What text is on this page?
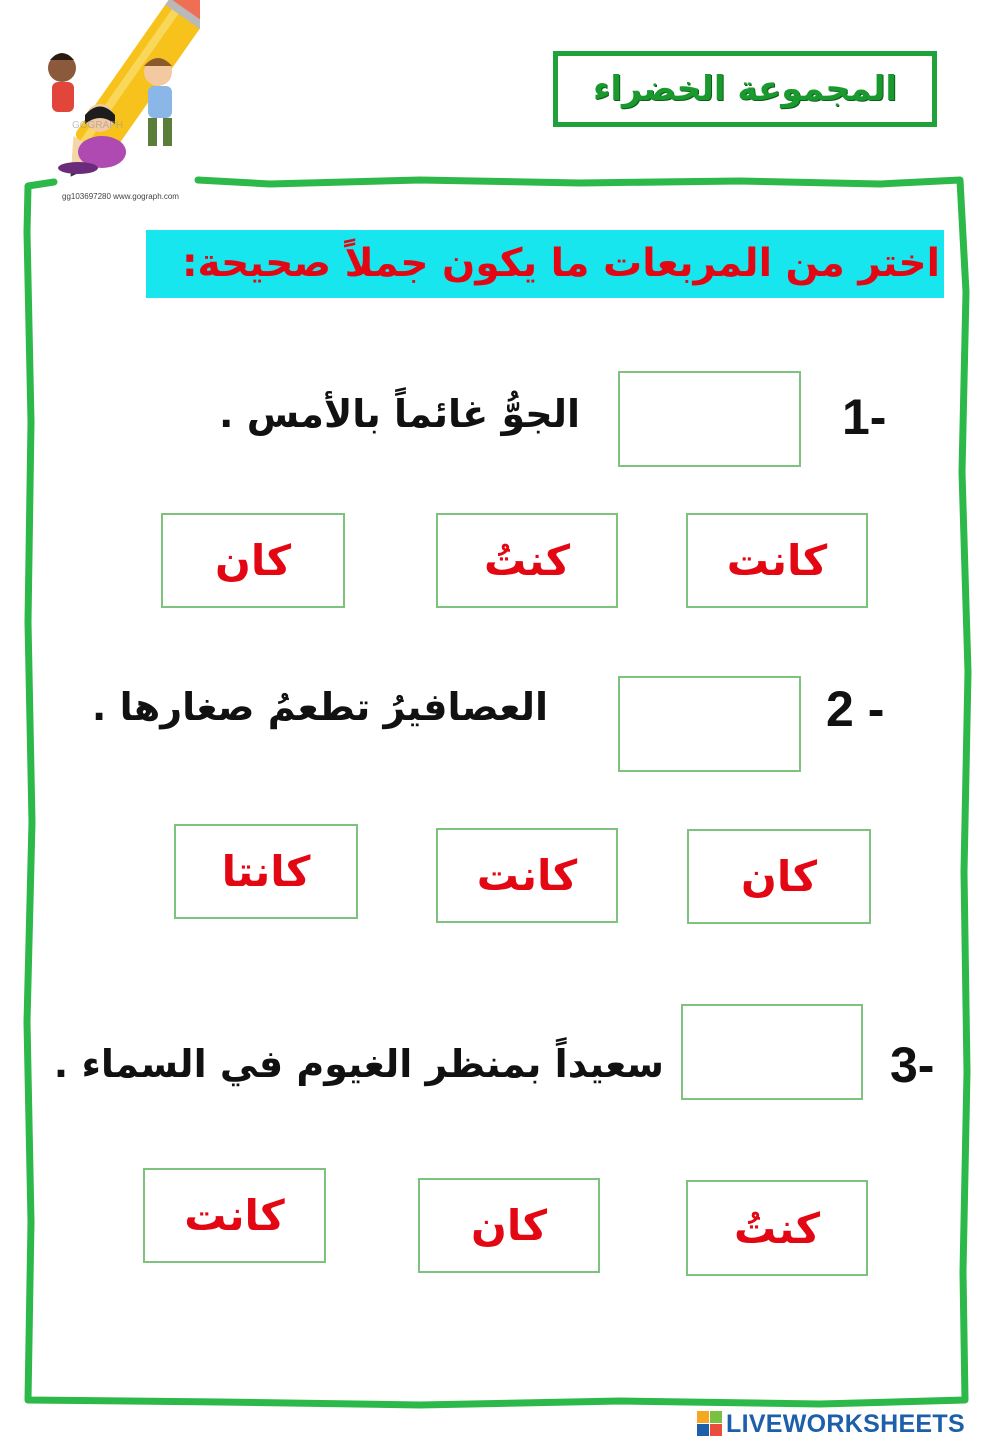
GOGRAPH
gg103697280 www.gograph.com
المجموعة الخضراء
اختر من المربعات ما يكون جملاً صحيحة:
1-
الجوُّ غائماً بالأمس .
كانت
كنتُ
كان
2 -
العصافيرُ تطعمُ صغارها .
كان
كانت
كانتا
3-
سعيداً بمنظر الغيوم في السماء .
كنتُ
كان
كانت
LIVEWORKSHEETS
